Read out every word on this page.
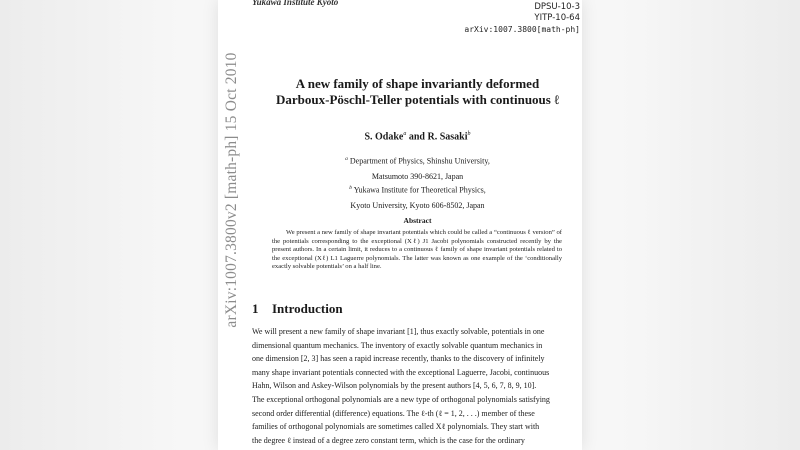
Yukawa Institute Kyoto	DPSU-10-3
YITP-10-64
arXiv:1007.3800[math-ph]
arXiv:1007.3800v2 [math-ph] 15 Oct 2010	A new family of shape invariantly deformed
Darboux-Pöschl-Teller potentials with continuous ℓ
S. Odake$^a$ and R. Sasaki$^b$
$^a$ Department of Physics, Shinshu University,
Matsumoto 390-8621, Japan
$^b$ Yukawa Institute for Theoretical Physics,
Kyoto University, Kyoto 606-8502, Japan
Abstract
We present a new family of shape invariant potentials which could be called a “continuous ℓ version” of the potentials corresponding to the exceptional (Xℓ) J1 Jacobi polynomials constructed recently by the present authors. In a certain limit, it reduces to a continuous ℓ family of shape invariant potentials related to the exceptional (Xℓ) L1 Laguerre polynomials. The latter was known as one example of the ‘conditionally exactly solvable potentials’ on a half line.
1 Introduction
We will present a new family of shape invariant [1], thus exactly solvable, potentials in one
dimensional quantum mechanics. The inventory of exactly solvable quantum mechanics in
one dimension [2, 3] has seen a rapid increase recently, thanks to the discovery of infinitely
many shape invariant potentials connected with the exceptional Laguerre, Jacobi, continuous
Hahn, Wilson and Askey-Wilson polynomials by the present authors [4, 5, 6, 7, 8, 9, 10].
The exceptional orthogonal polynomials are a new type of orthogonal polynomials satisfying
second order differential (difference) equations. The ℓ-th (ℓ = 1, 2, . . .) member of these
families of orthogonal polynomials are sometimes called Xℓ polynomials. They start with
the degree ℓ instead of a degree zero constant term, which is the case for the ordinary
